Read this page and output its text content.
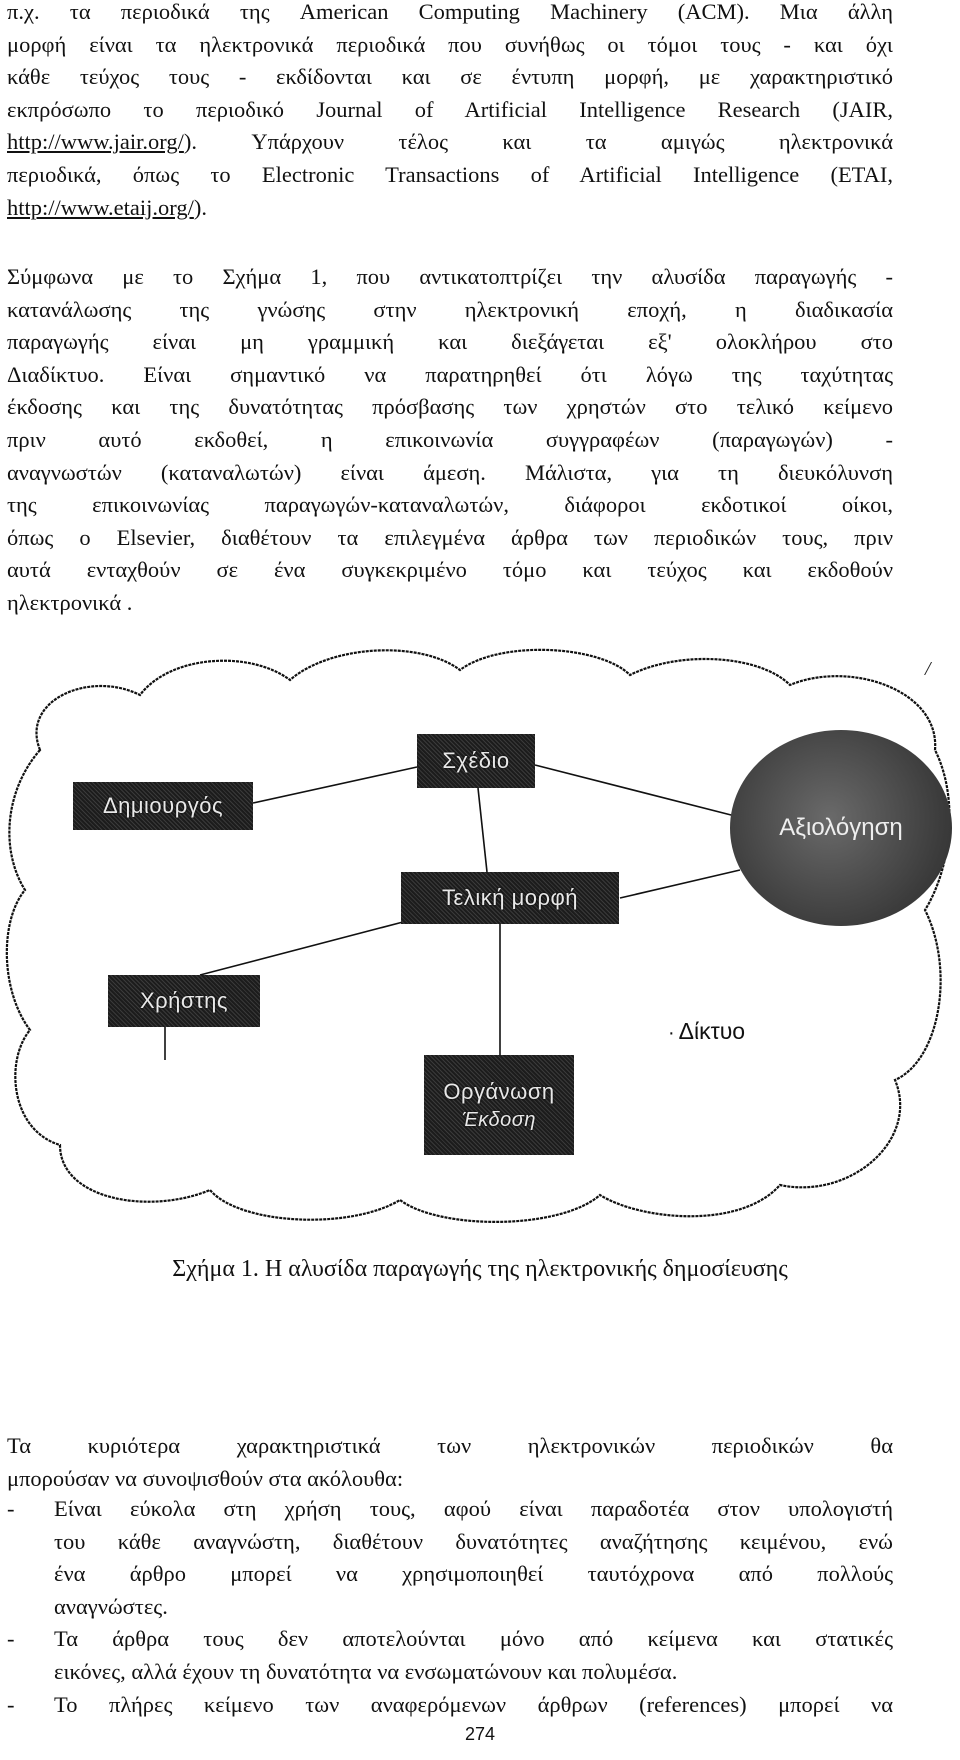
π.χ. τα περιοδικά της American Computing Machinery (ACM). Μια άλλη
μορφή είναι τα ηλεκτρονικά περιοδικά που συνήθως οι τόμοι τους - και όχι
κάθε τεύχος τους - εκδίδονται και σε έντυπη μορφή, με χαρακτηριστικό
εκπρόσωπο το περιοδικό Journal of Artificial Intelligence Research (JAIR,
http://www.jair.org/). Υπάρχουν τέλος και τα αμιγώς ηλεκτρονικά
περιοδικά, όπως το Electronic Transactions of Artificial Intelligence (ETAI,
http://www.etaij.org/).
Σύμφωνα με το Σχήμα 1, που αντικατοπτρίζει την αλυσίδα παραγωγής -
κατανάλωσης της γνώσης στην ηλεκτρονική εποχή, η διαδικασία
παραγωγής είναι μη γραμμική και διεξάγεται εξ' ολοκλήρου στο
Διαδίκτυο. Είναι σημαντικό να παρατηρηθεί ότι λόγω της ταχύτητας
έκδοσης και της δυνατότητας πρόσβασης των χρηστών στο τελικό κείμενο
πριν αυτό εκδοθεί, η επικοινωνία συγγραφέων (παραγωγών) -
αναγνωστών (καταναλωτών) είναι άμεση. Μάλιστα, για τη διευκόλυνση
της επικοινωνίας παραγωγών-καταναλωτών, διάφοροι εκδοτικοί οίκοι,
όπως ο Elsevier, διαθέτουν τα επιλεγμένα άρθρα των περιοδικών τους, πριν
αυτά ενταχθούν σε ένα συγκεκριμένο τόμο και τεύχος και εκδοθούν
ηλεκτρονικά .
/
Σχέδιο
Δημιουργός
Τελική μορφή
Χρήστης
Οργάνωση
Έκδοση
Αξιολόγηση
· Δίκτυο
Σχήμα 1. Η αλυσίδα παραγωγής της ηλεκτρονικής δημοσίευσης
Τα κυριότερα χαρακτηριστικά των ηλεκτρονικών περιοδικών θα
μπορούσαν να συνοψισθούν στα ακόλουθα:
- Είναι εύκολα στη χρήση τους, αφού είναι παραδοτέα στον υπολογιστή
του κάθε αναγνώστη, διαθέτουν δυνατότητες αναζήτησης κειμένου, ενώ
ένα άρθρο μπορεί να χρησιμοποιηθεί ταυτόχρονα από πολλούς
αναγνώστες.
- Τα άρθρα τους δεν αποτελούνται μόνο από κείμενα και στατικές
εικόνες, αλλά έχουν τη δυνατότητα να ενσωματώνουν και πολυμέσα.
- Το πλήρες κείμενο των αναφερόμενων άρθρων (references) μπορεί να
274
